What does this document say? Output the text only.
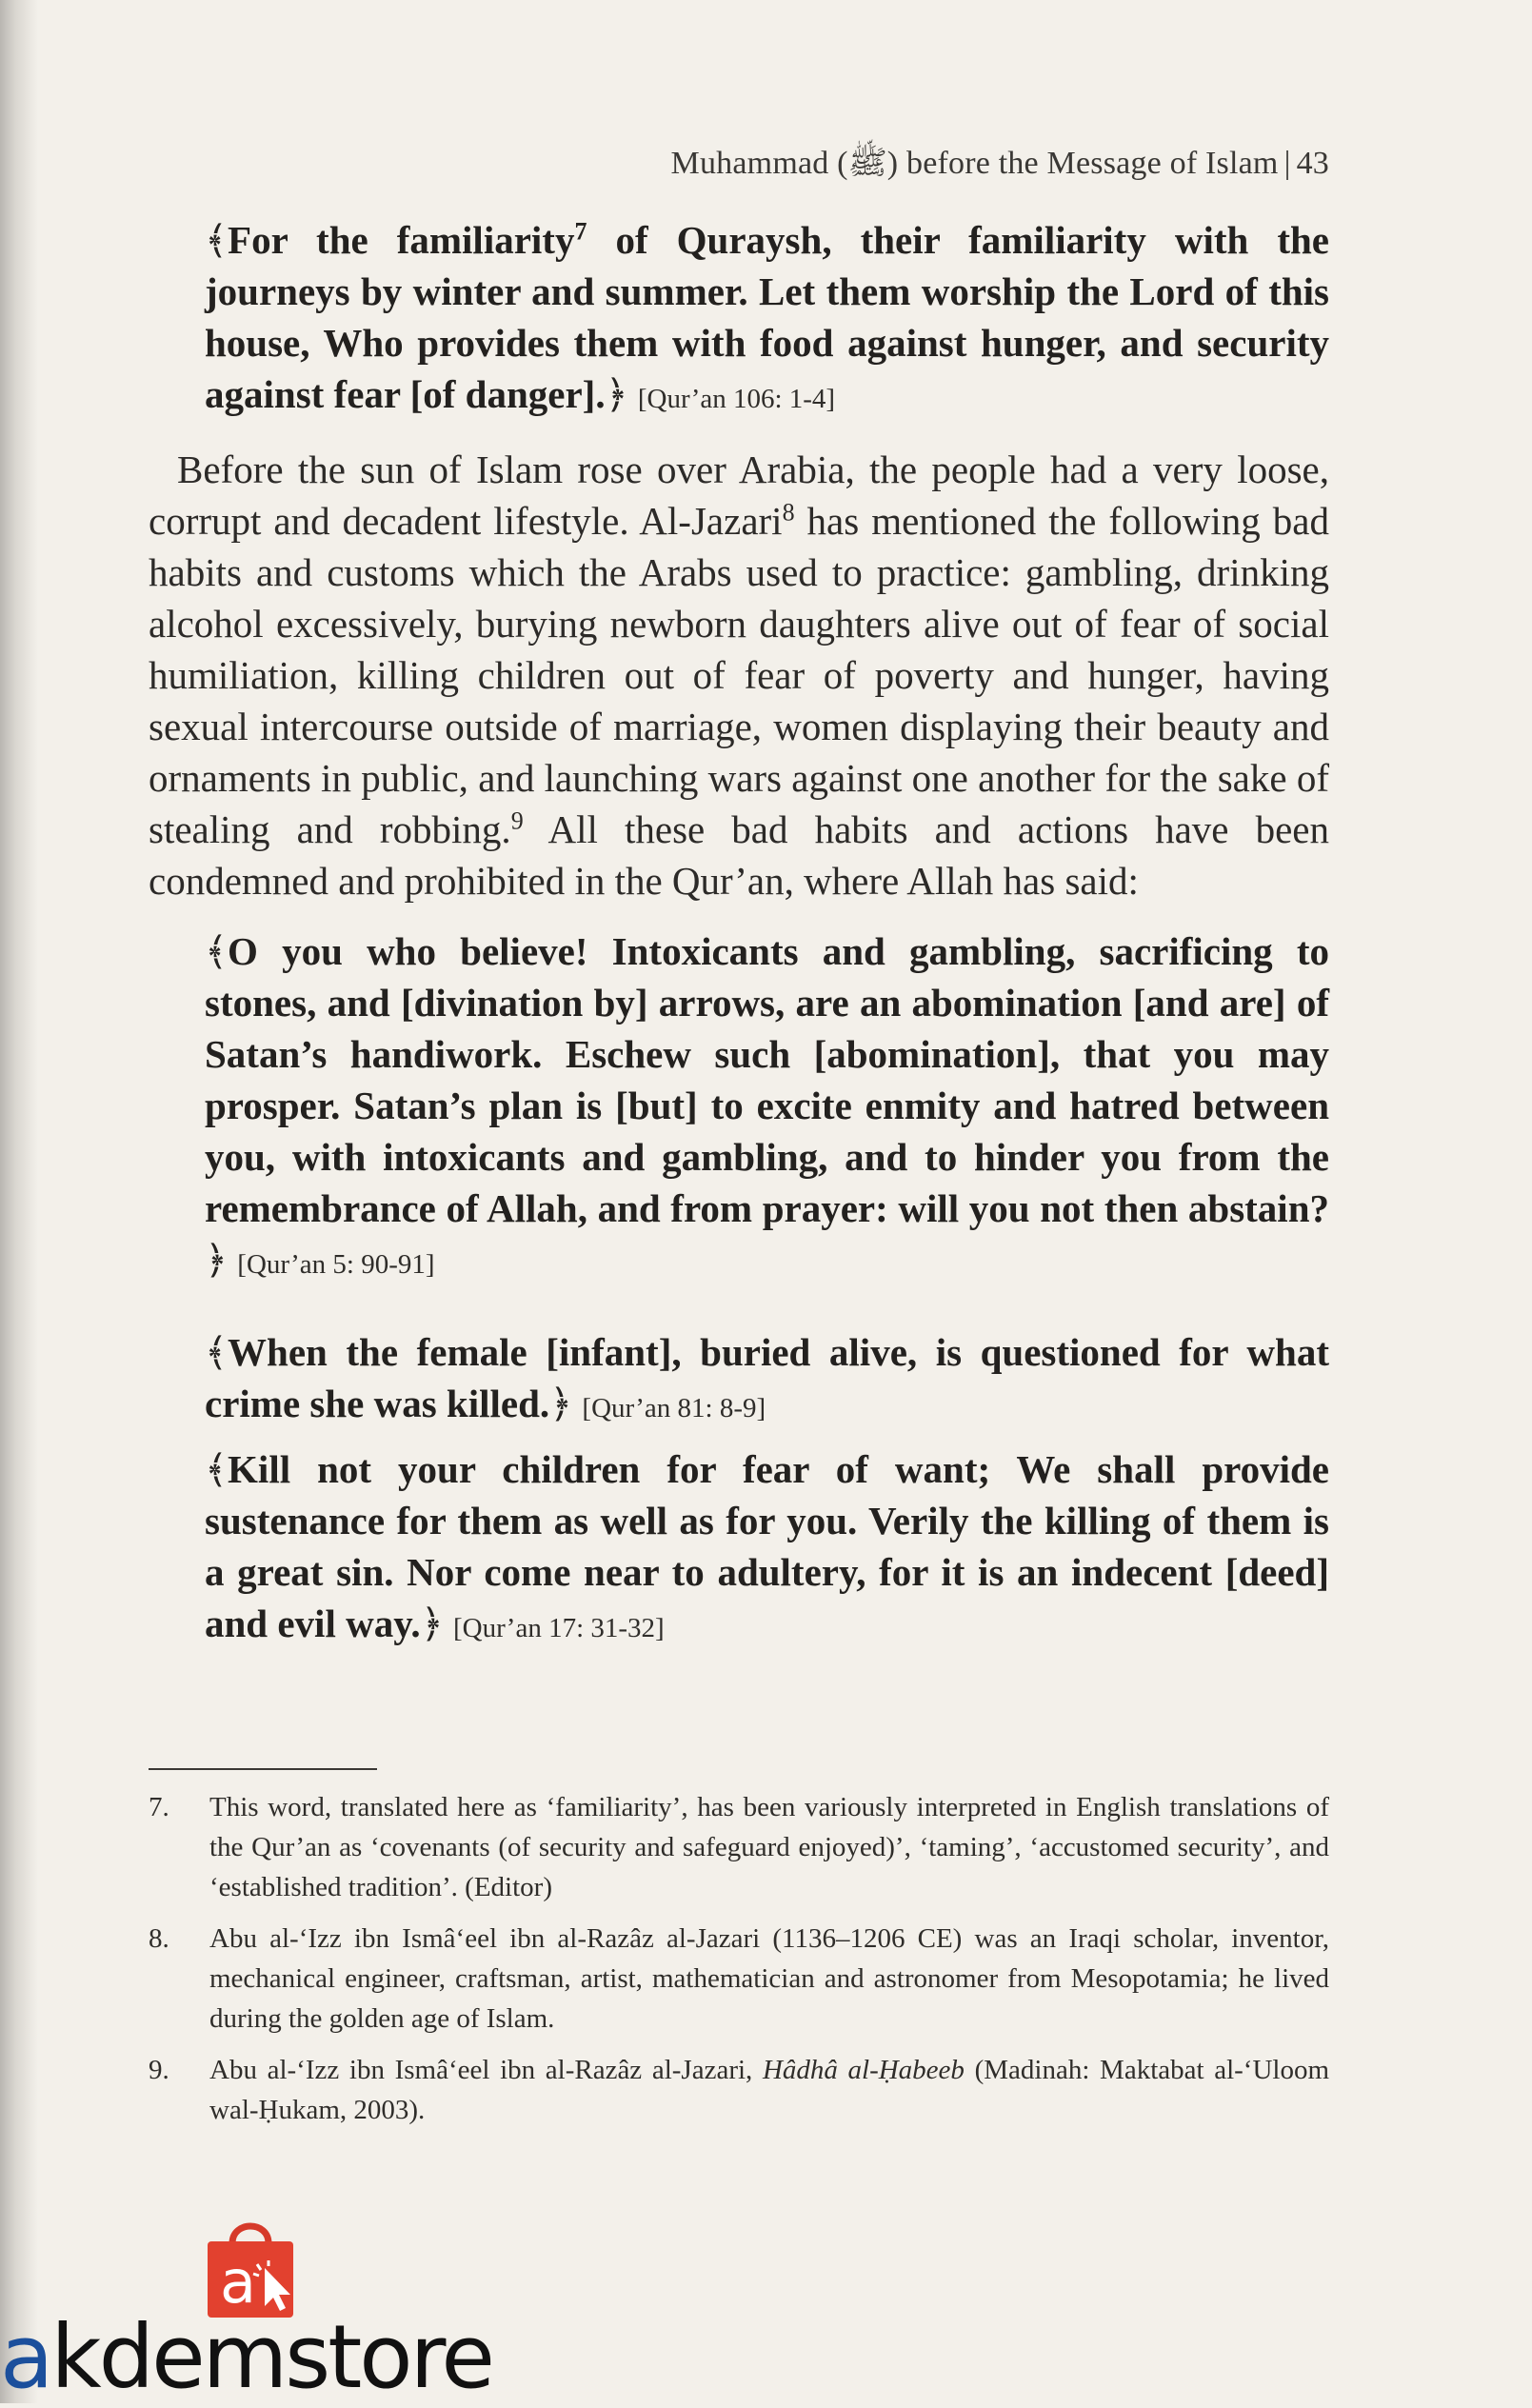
Muhammad (ﷺ) before the Message of Islam | 43
﴾For the familiarity$^7$ of Quraysh, their familiarity with the journeys by winter and summer. Let them worship the Lord of this house, Who provides them with food against hunger, and security against fear [of danger].﴿ [Qur’an 106: 1-4]

Before the sun of Islam rose over Arabia, the people had a very loose, corrupt and decadent lifestyle. Al-Jazari$^8$ has mentioned the following bad habits and customs which the Arabs used to practice: gambling, drinking alcohol excessively, burying newborn daughters alive out of fear of social humiliation, killing children out of fear of poverty and hunger, having sexual intercourse outside of marriage, women displaying their beauty and ornaments in public, and launching wars against one another for the sake of stealing and robbing.$^9$ All these bad habits and actions have been condemned and prohibited in the Qur’an, where Allah has said:

﴾O you who believe! Intoxicants and gambling, sacrificing to stones, and [divination by] arrows, are an abomination [and are] of Satan’s handiwork. Eschew such [abomination], that you may prosper. Satan’s plan is [but] to excite enmity and hatred between you, with intoxicants and gambling, and to hinder you from the remembrance of Allah, and from prayer: will you not then abstain?﴿ [Qur’an 5: 90-91]
﴾When the female [infant], buried alive, is questioned for what crime she was killed.﴿ [Qur’an 81: 8-9]
﴾Kill not your children for fear of want; We shall provide sustenance for them as well as for you. Verily the killing of them is a great sin. Nor come near to adultery, for it is an indecent [deed] and evil way.﴿ [Qur’an 17: 31-32]
7.	This word, translated here as ‘familiarity’, has been variously interpreted in English translations of the Qur’an as ‘covenants (of security and safeguard enjoyed)’, ‘taming’, ‘accustomed security’, and ‘established tradition’. (Editor)
8.	Abu al-‘Izz ibn Ismâ‘eel ibn al-Razâz al-Jazari (1136–1206 CE) was an Iraqi scholar, inventor, mechanical engineer, craftsman, artist, mathematician and astronomer from Mesopotamia; he lived during the golden age of Islam.
9.	Abu al-‘Izz ibn Ismâ‘eel ibn al-Razâz al-Jazari, Hâdhâ al-Ḥabeeb (Madinah: Maktabat al-‘Uloom wal-Ḥukam, 2003).
a
akdemstore
